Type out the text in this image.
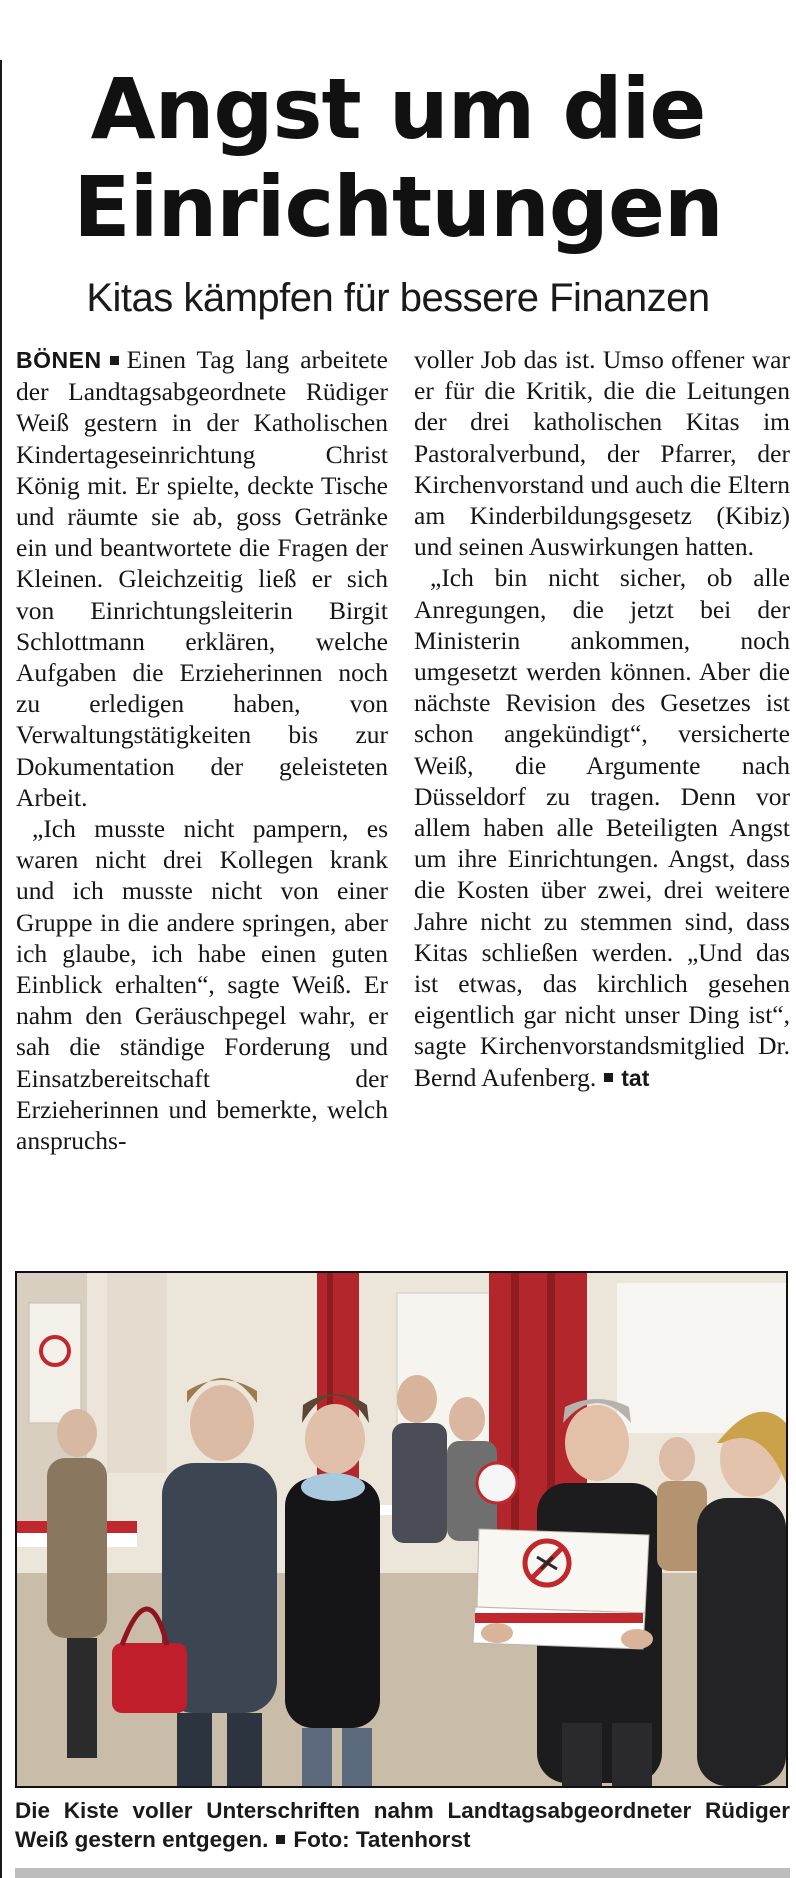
Angst um die
Einrichtungen
Kitas kämpfen für bessere Finanzen

BÖNEN Einen Tag lang arbeitete der Landtagsabgeordnete Rüdiger Weiß gestern in der Katholischen Kindertageseinrichtung Christ König mit. Er spielte, deckte Tische und räumte sie ab, goss Getränke ein und beantwortete die Fragen der Kleinen. Gleichzeitig ließ er sich von Einrichtungsleiterin Birgit Schlottmann erklären, welche Aufgaben die Erzieherinnen noch zu erledigen haben, von Verwaltungstätigkeiten bis zur Dokumentation der geleisteten Arbeit.

„Ich musste nicht pampern, es waren nicht drei Kollegen krank und ich musste nicht von einer Gruppe in die andere springen, aber ich glaube, ich habe einen guten Einblick erhalten“, sagte Weiß. Er nahm den Geräuschpegel wahr, er sah die ständige Forderung und Einsatzbereitschaft der Erzieherinnen und bemerkte, welch anspruchs-

voller Job das ist. Umso offener war er für die Kritik, die die Leitungen der drei katholischen Kitas im Pastoralverbund, der Pfarrer, der Kirchenvorstand und auch die Eltern am Kinderbildungsgesetz (Kibiz) und seinen Auswirkungen hatten.

„Ich bin nicht sicher, ob alle Anregungen, die jetzt bei der Ministerin ankommen, noch umgesetzt werden können. Aber die nächste Revision des Gesetzes ist schon angekündigt“, versicherte Weiß, die Argumente nach Düsseldorf zu tragen. Denn vor allem haben alle Beteiligten Angst um ihre Einrichtungen. Angst, dass die Kosten über zwei, drei weitere Jahre nicht zu stemmen sind, dass Kitas schließen werden. „Und das ist etwas, das kirchlich gesehen eigentlich gar nicht unser Ding ist“, sagte Kirchenvorstandsmitglied Dr. Bernd Aufenberg. tat

Die Kiste voller Unterschriften nahm Landtagsabgeordneter Rüdiger Weiß gestern entgegen. Foto: Tatenhorst
